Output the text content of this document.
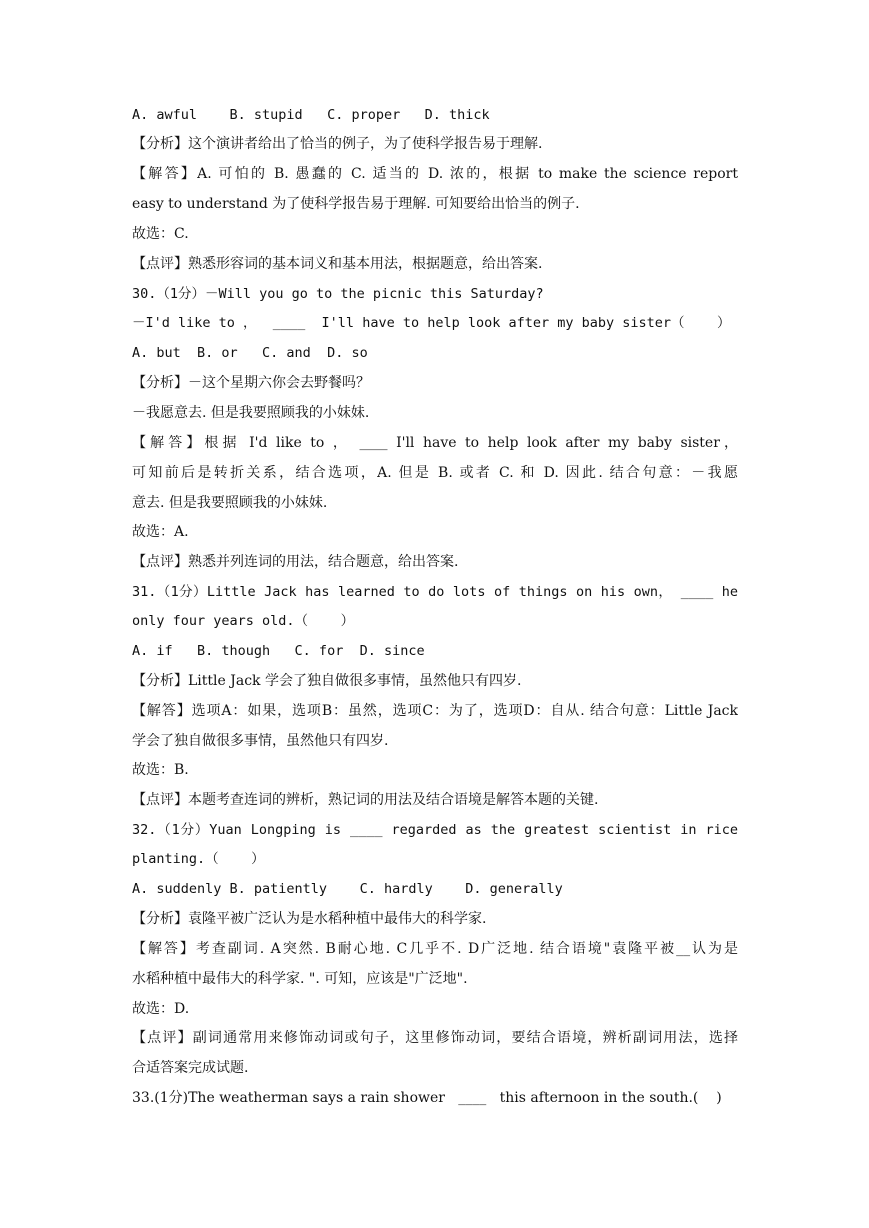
A. awful    B. stupid   C. proper   D. thick
【分析】这个演讲者给出了恰当的例子，为了使科学报告易于理解.
【解答】A. 可怕的 B. 愚蠢的 C. 适当的 D. 浓的，根据 to make the science report
easy to understand 为了使科学报告易于理解. 可知要给出恰当的例子.
故选：C.
【点评】熟悉形容词的基本词义和基本用法，根据题意，给出答案.
30.（1分）－Will you go to the picnic this Saturday?
－I'd like to ，  ____  I'll have to help look after my baby sister（    ）
A. but  B. or   C. and  D. so
【分析】－这个星期六你会去野餐吗？
－我愿意去. 但是我要照顾我的小妹妹.
【解答】根据 I'd like to ， ____ I'll have to help look after my baby sister，
可知前后是转折关系，结合选项，A. 但是 B. 或者 C. 和 D. 因此. 结合句意：－我愿
意去. 但是我要照顾我的小妹妹.
故选：A.
【点评】熟悉并列连词的用法，结合题意，给出答案.
31.（1分）Little Jack has learned to do lots of things on his own， ____ he
only four years old.（    ）
A. if   B. though   C. for  D. since
【分析】Little Jack 学会了独自做很多事情，虽然他只有四岁.
【解答】选项A：如果，选项B：虽然，选项C：为了，选项D：自从. 结合句意：Little Jack
学会了独自做很多事情，虽然他只有四岁.
故选：B.
【点评】本题考查连词的辨析，熟记词的用法及结合语境是解答本题的关键.
32.（1分）Yuan Longping is ____ regarded as the greatest scientist in rice
planting.（    ）
A. suddenly B. patiently    C. hardly    D. generally
【分析】袁隆平被广泛认为是水稻种植中最伟大的科学家.
【解答】考查副词. A突然. B耐心地. C几乎不. D广泛地. 结合语境"袁隆平被__认为是
水稻种植中最伟大的科学家. ". 可知，应该是"广泛地".
故选：D.
【点评】副词通常用来修饰动词或句子，这里修饰动词，要结合语境，辨析副词用法，选择
合适答案完成试题.
33.(1分)The weatherman says a rain shower   ____   this afternoon in the south.(    )
